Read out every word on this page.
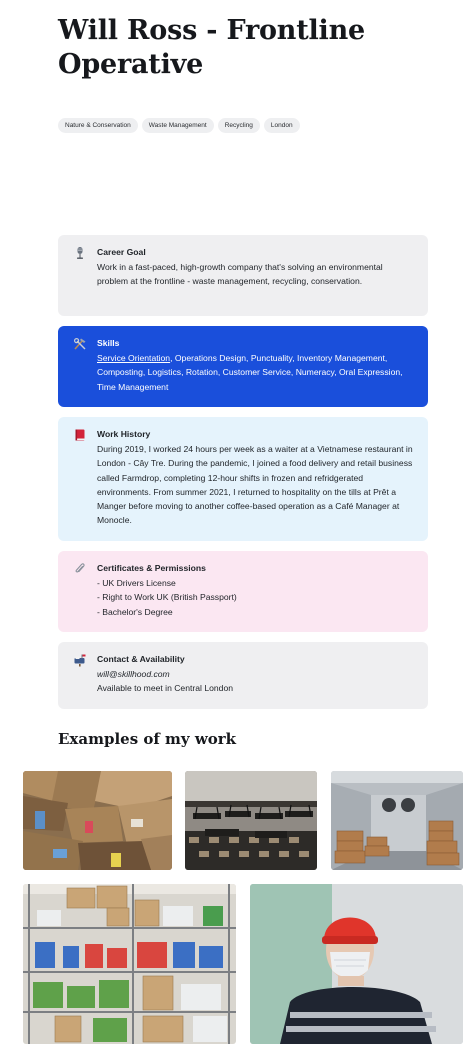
Will Ross - Frontline Operative
Nature & Conservation	Waste Management	Recycling	London
Career Goal
Work in a fast-paced, high-growth company that's solving an environmental problem at the frontline - waste management, recycling, conservation.
Skills
Service Orientation, Operations Design, Punctuality, Inventory Management, Composting, Logistics, Rotation, Customer Service, Numeracy, Oral Expression, Time Management
Work History
During 2019, I worked 24 hours per week as a waiter at a Vietnamese restaurant in London - Cây Tre. During the pandemic, I joined a food delivery and retail business called Farmdrop, completing 12-hour shifts in frozen and refridgerated environments. From summer 2021, I returned to hospitality on the tills at Prêt a Manger before moving to another coffee-based operation as a Café Manager at Monocle.
Certificates & Permissions
- UK Drivers License
- Right to Work UK (British Passport)
- Bachelor's Degree
Contact & Availability
will@skillhood.com
Available to meet in Central London
Examples of my work
